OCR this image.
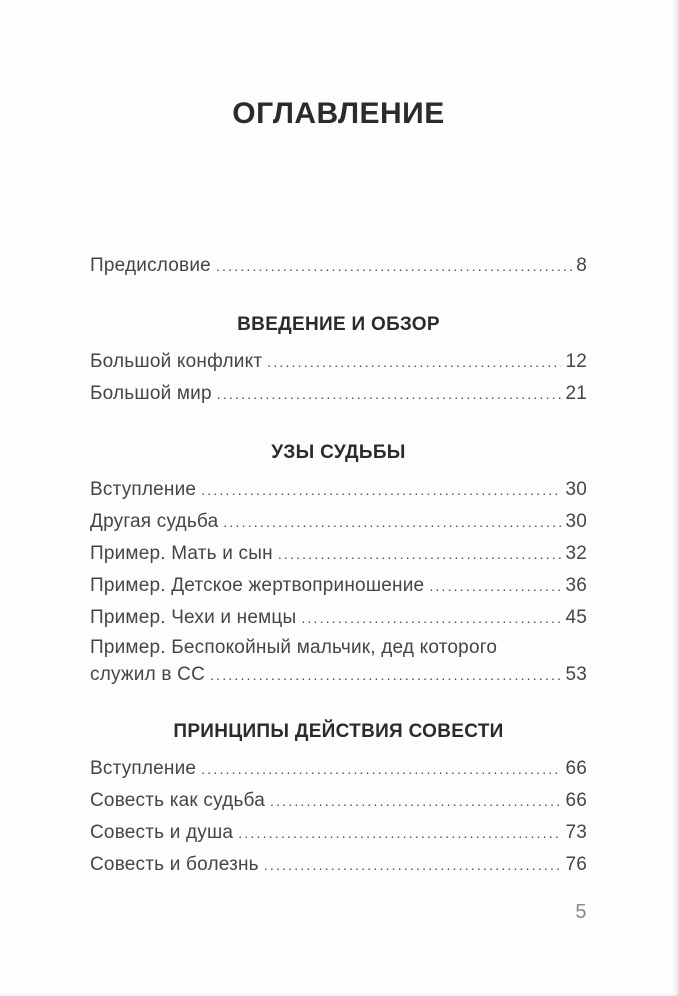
ОГЛАВЛЕНИЕ
Предисловие .....	8
ВВЕДЕНИЕ И ОБЗОР
Большой конфликт .....	12
Большой мир .....	21
УЗЫ СУДЬБЫ
Вступление .....	30
Другая судьба .....	30
Пример. Мать и сын .....	32
Пример. Детское жертвоприношение .....	36
Пример. Чехи и немцы .....	45
Пример. Беспокойный мальчик, дед которого
служил в СС .....	53
ПРИНЦИПЫ ДЕЙСТВИЯ СОВЕСТИ
Вступление .....	66
Совесть как судьба .....	66
Совесть и душа .....	73
Совесть и болезнь .....	76
5
